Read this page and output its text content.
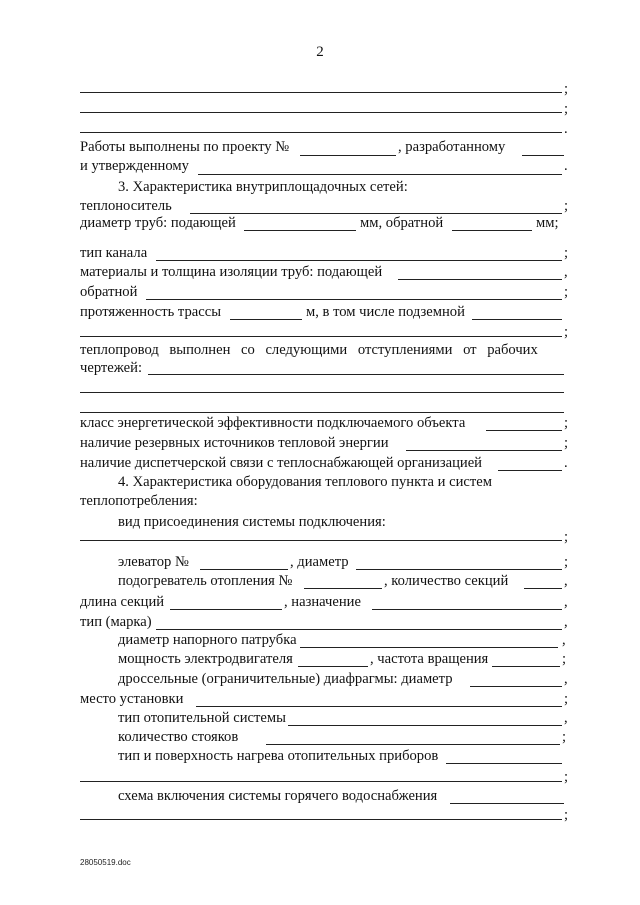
2
;
;
.
Работы выполнены по проекту №	, разработанному
и утвержденному	.
3. Характеристика внутриплощадочных сетей:
теплоноситель	;
диаметр труб: подающей	мм, обратной	мм;
тип канала	;
материалы и толщина изоляции труб: подающей	,
обратной	;
протяженность трассы	м, в том числе подземной
;
теплопровод выполнен со следующими отступлениями от рабочих
чертежей:
класс энергетической эффективности подключаемого объекта	;
наличие резервных источников тепловой энергии	;
наличие диспетчерской связи с теплоснабжающей организацией	.
4. Характеристика оборудования теплового пункта и систем
теплопотребления:
вид присоединения системы подключения:
;
элеватор №	, диаметр	;
подогреватель отопления №	, количество секций	,
длина секций	, назначение	,
тип (марка)	,
диаметр напорного патрубка	,
мощность электродвигателя	, частота вращения	;
дроссельные (ограничительные) диафрагмы: диаметр	,
место установки	;
тип отопительной системы	,
количество стояков	;
тип и поверхность нагрева отопительных приборов
;
схема включения системы горячего водоснабжения
;
28050519.doc
